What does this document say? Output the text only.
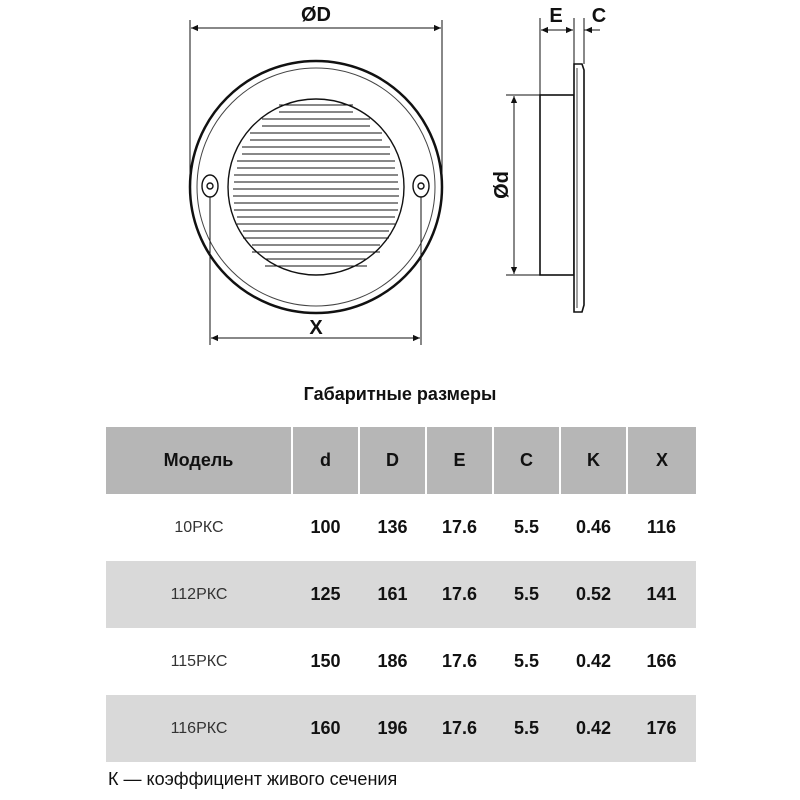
ØD
X
E C
Ød
Габаритные размеры
Модель	d	D	E	C	K	X
10РКС	100	136	17.6	5.5	0.46	116
112РКС	125	161	17.6	5.5	0.52	141
115РКС	150	186	17.6	5.5	0.42	166
116РКС	160	196	17.6	5.5	0.42	176
К — коэффициент живого сечения
